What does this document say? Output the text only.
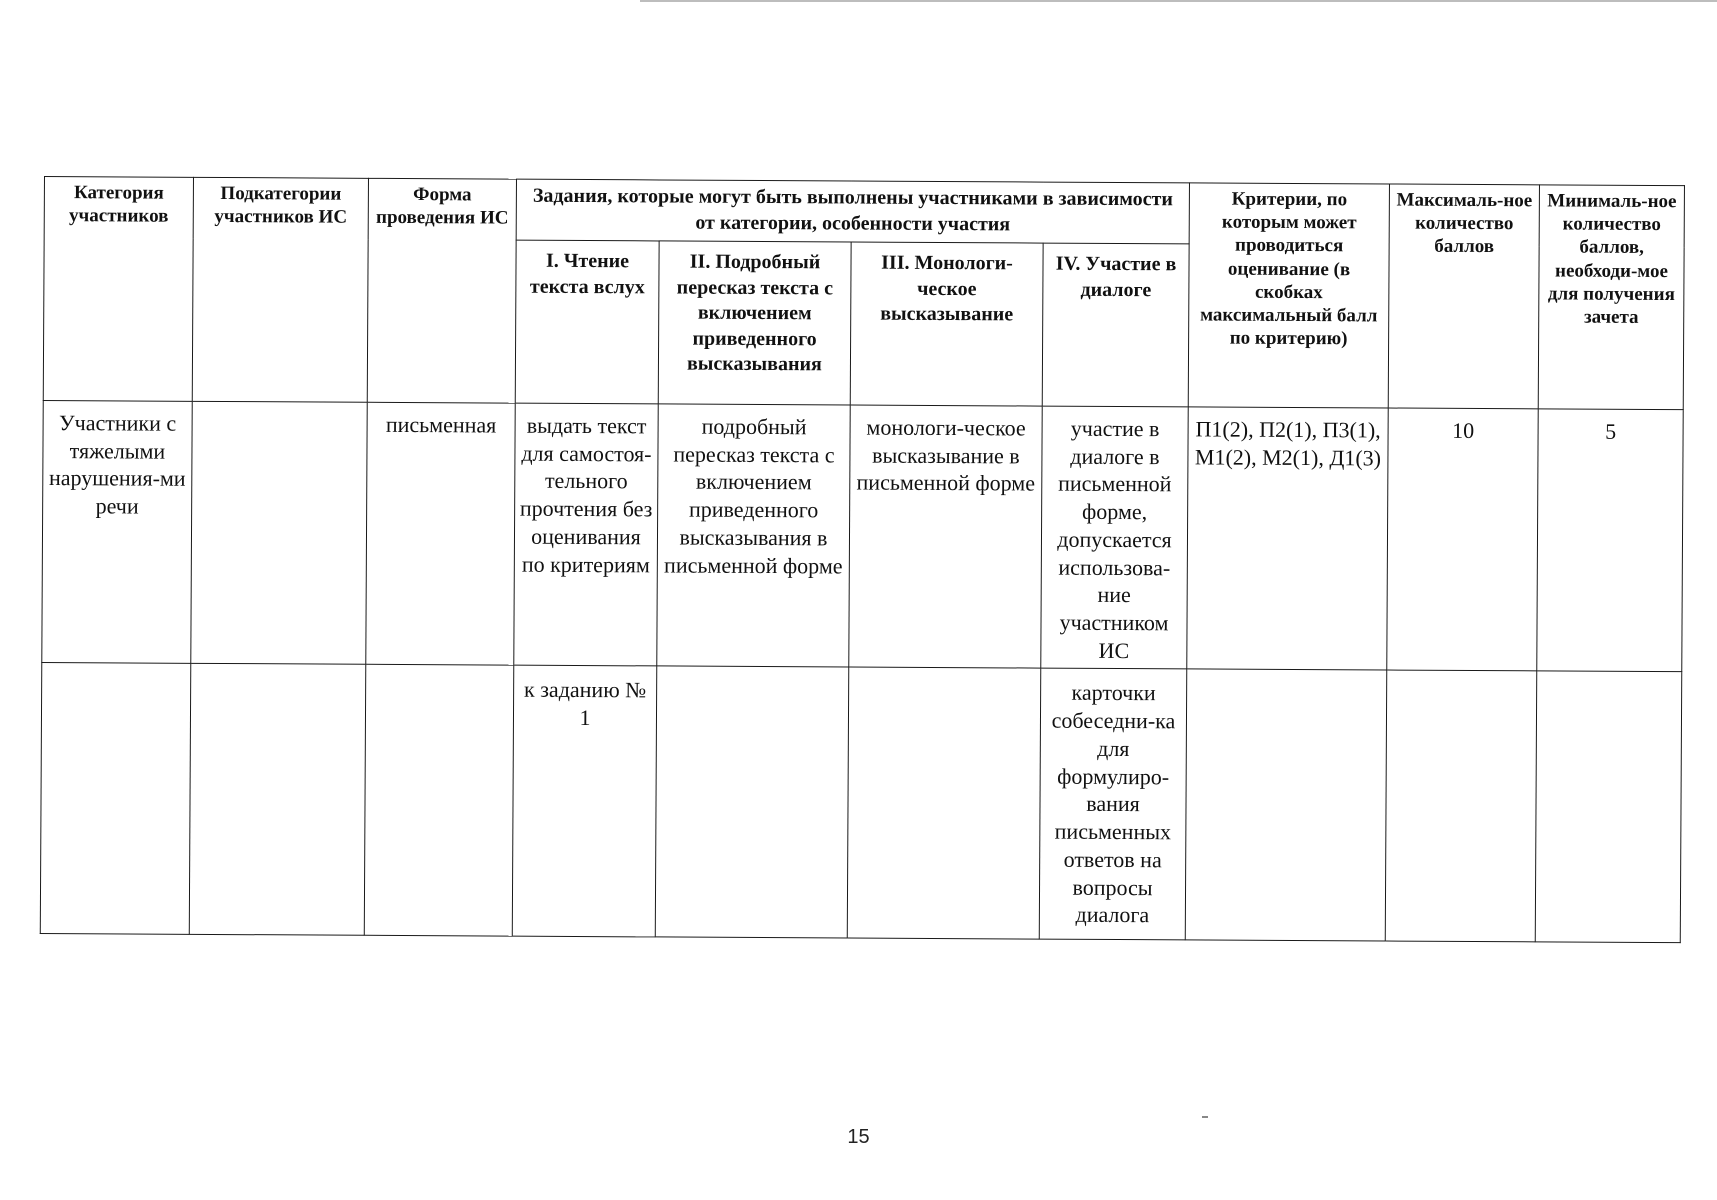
Категория участников	Подкатегории участников ИС	Форма проведения ИС	Задания, которые могут быть выполнены участниками в зависимости от категории, особенности участия				Критерии, по которым может проводиться оценивание (в скобках максимальный балл по критерию)	Максималь-ное количество баллов	Минималь-ное количество баллов, необходи-мое для получения зачета
			I. Чтение текста вслух	II. Подробный пересказ текста с включением приведенного высказывания	III. Монологи-ческое высказывание	IV. Участие в диалоге			
Участники с тяжелыми нарушения-ми речи		письменная	выдать текст для самостоя-тельного прочтения без оценивания по критериям	подробный пересказ текста с включением приведенного высказывания в письменной форме	монологи-ческое высказывание в письменной форме	участие в диалоге в письменной форме, допускается использова-ние участником ИС	П1(2), П2(1), П3(1), М1(2), М2(1), Д1(3)	10	5
			к заданию № 1			карточки собеседни-ка для формулиро-вания письменных ответов на вопросы диалога			
15
